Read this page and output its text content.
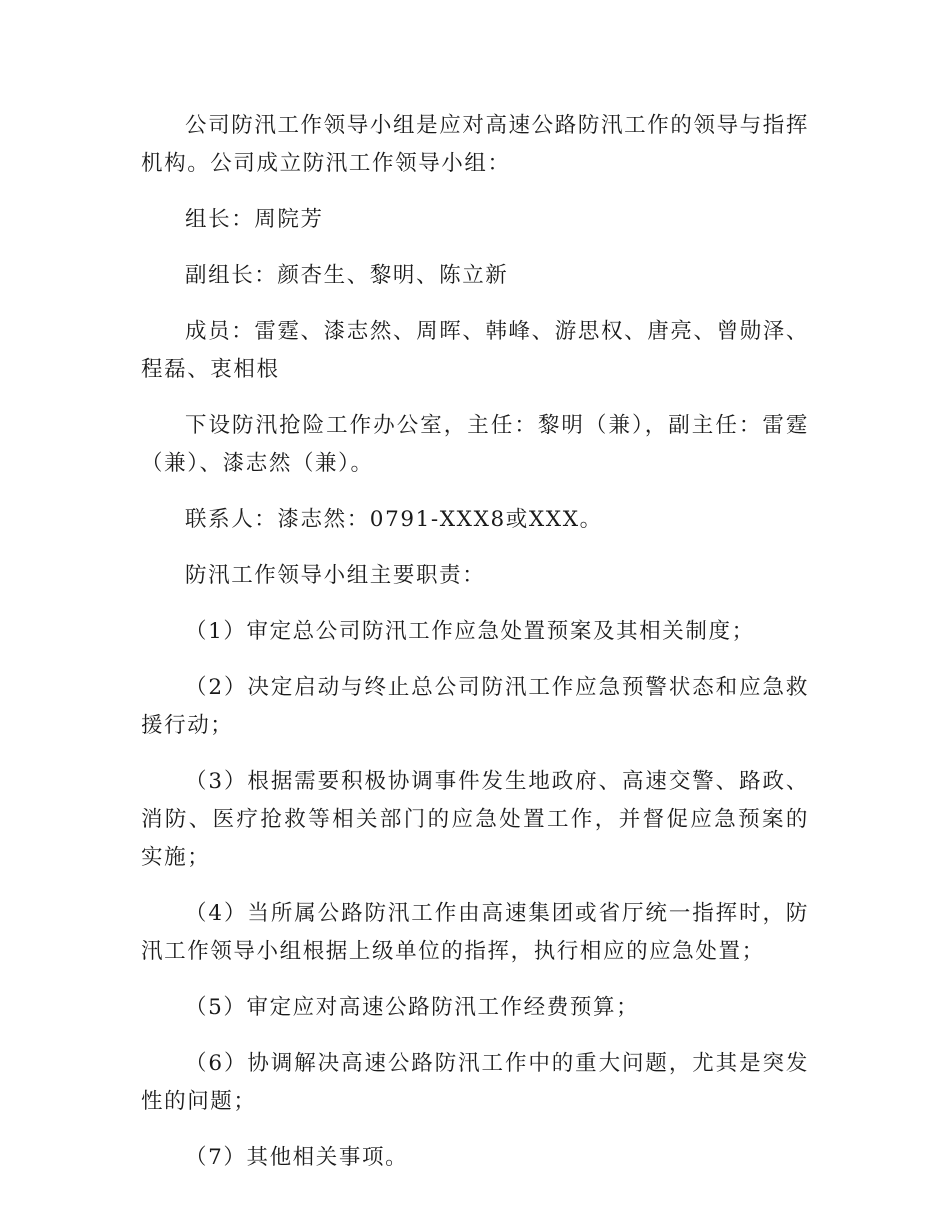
公司防汛工作领导小组是应对高速公路防汛工作的领导与指挥机构。公司成立防汛工作领导小组：

组长：周院芳

副组长：颜杏生、黎明、陈立新

成员：雷霆、漆志然、周晖、韩峰、游思权、唐亮、曾勋泽、程磊、衷相根

下设防汛抢险工作办公室，主任：黎明（兼），副主任：雷霆（兼）、漆志然（兼）。

联系人：漆志然：0791-XXX8或XXX。

防汛工作领导小组主要职责：

（1）审定总公司防汛工作应急处置预案及其相关制度；

（2）决定启动与终止总公司防汛工作应急预警状态和应急救援行动；

（3）根据需要积极协调事件发生地政府、高速交警、路政、消防、医疗抢救等相关部门的应急处置工作，并督促应急预案的实施；

（4）当所属公路防汛工作由高速集团或省厅统一指挥时，防汛工作领导小组根据上级单位的指挥，执行相应的应急处置；

（5）审定应对高速公路防汛工作经费预算；

（6）协调解决高速公路防汛工作中的重大问题，尤其是突发性的问题；

（7）其他相关事项。
